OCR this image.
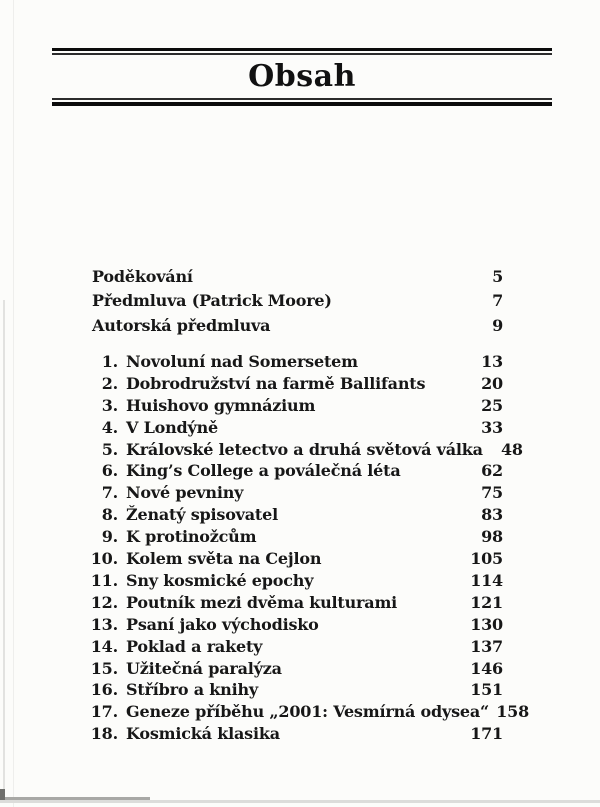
Obsah
Poděkování	5
Předmluva (Patrick Moore)	7
Autorská předmluva	9
1. Novoluní nad Somersetem	13
2. Dobrodružství na farmě Ballifants	20
3. Huishovo gymnázium	25
4. V Londýně	33
5. Královské letectvo a druhá světová válka	48
6. King’s College a poválečná léta	62
7. Nové pevniny	75
8. Ženatý spisovatel	83
9. K protinožcům	98
10. Kolem světa na Cejlon	105
11. Sny kosmické epochy	114
12. Poutník mezi dvěma kulturami	121
13. Psaní jako východisko	130
14. Poklad a rakety	137
15. Užitečná paralýza	146
16. Stříbro a knihy	151
17. Geneze příběhu „2001: Vesmírná odysea“ 158
18. Kosmická klasika	171
